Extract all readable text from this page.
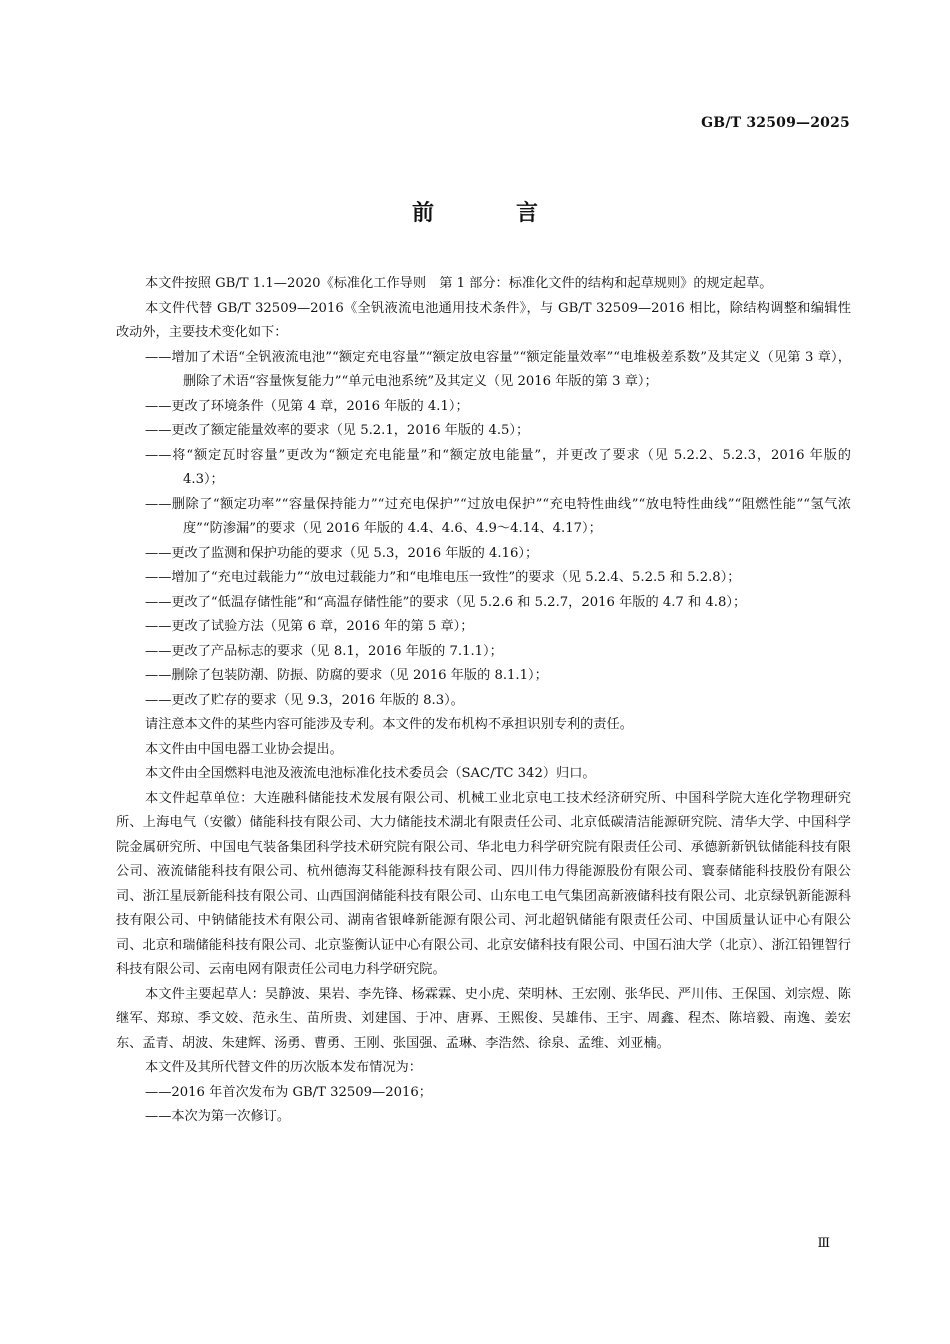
GB/T 32509—2025
前　言

本文件按照 GB/T 1.1—2020《标准化工作导则　第 1 部分：标准化文件的结构和起草规则》的规定起草。

本文件代替 GB/T 32509—2016《全钒液流电池通用技术条件》，与 GB/T 32509—2016 相比，除结构调整和编辑性改动外，主要技术变化如下：

——增加了术语“全钒液流电池”“额定充电容量”“额定放电容量”“额定能量效率”“电堆极差系数”及其定义（见第 3 章），删除了术语“容量恢复能力”“单元电池系统”及其定义（见 2016 年版的第 3 章）；

——更改了环境条件（见第 4 章，2016 年版的 4.1）；

——更改了额定能量效率的要求（见 5.2.1，2016 年版的 4.5）；

——将“额定瓦时容量”更改为“额定充电能量”和“额定放电能量”，并更改了要求（见 5.2.2、5.2.3，2016 年版的 4.3）；

——删除了“额定功率”“容量保持能力”“过充电保护”“过放电保护”“充电特性曲线”“放电特性曲线”“阻燃性能”“氢气浓度”“防渗漏”的要求（见 2016 年版的 4.4、4.6、4.9～4.14、4.17）；

——更改了监测和保护功能的要求（见 5.3，2016 年版的 4.16）；

——增加了“充电过载能力”“放电过载能力”和“电堆电压一致性”的要求（见 5.2.4、5.2.5 和 5.2.8）；

——更改了“低温存储性能”和“高温存储性能”的要求（见 5.2.6 和 5.2.7，2016 年版的 4.7 和 4.8）；

——更改了试验方法（见第 6 章，2016 年的第 5 章）；

——更改了产品标志的要求（见 8.1，2016 年版的 7.1.1）；

——删除了包装防潮、防振、防腐的要求（见 2016 年版的 8.1.1）；

——更改了贮存的要求（见 9.3，2016 年版的 8.3）。

请注意本文件的某些内容可能涉及专利。本文件的发布机构不承担识别专利的责任。

本文件由中国电器工业协会提出。

本文件由全国燃料电池及液流电池标准化技术委员会（SAC/TC 342）归口。

本文件起草单位：大连融科储能技术发展有限公司、机械工业北京电工技术经济研究所、中国科学院大连化学物理研究所、上海电气（安徽）储能科技有限公司、大力储能技术湖北有限责任公司、北京低碳清洁能源研究院、清华大学、中国科学院金属研究所、中国电气装备集团科学技术研究院有限公司、华北电力科学研究院有限责任公司、承德新新钒钛储能科技有限公司、液流储能科技有限公司、杭州德海艾科能源科技有限公司、四川伟力得能源股份有限公司、寰泰储能科技股份有限公司、浙江星辰新能科技有限公司、山西国润储能科技有限公司、山东电工电气集团高新液储科技有限公司、北京绿钒新能源科技有限公司、中钠储能技术有限公司、湖南省银峰新能源有限公司、河北超钒储能有限责任公司、中国质量认证中心有限公司、北京和瑞储能科技有限公司、北京鉴衡认证中心有限公司、北京安储科技有限公司、中国石油大学（北京）、浙江铅锂智行科技有限公司、云南电网有限责任公司电力科学研究院。

本文件主要起草人：吴静波、果岩、李先锋、杨霖霖、史小虎、荣明林、王宏刚、张华民、严川伟、王保国、刘宗煜、陈继军、郑琼、季文姣、范永生、苗所贵、刘建国、于冲、唐奡、王熙俊、吴雄伟、王宇、周鑫、程杰、陈培毅、南逸、姜宏东、孟青、胡波、朱建辉、汤勇、曹勇、王刚、张国强、孟琳、李浩然、徐泉、孟维、刘亚楠。

本文件及其所代替文件的历次版本发布情况为：

——2016 年首次发布为 GB/T 32509—2016；

——本次为第一次修订。

Ⅲ
